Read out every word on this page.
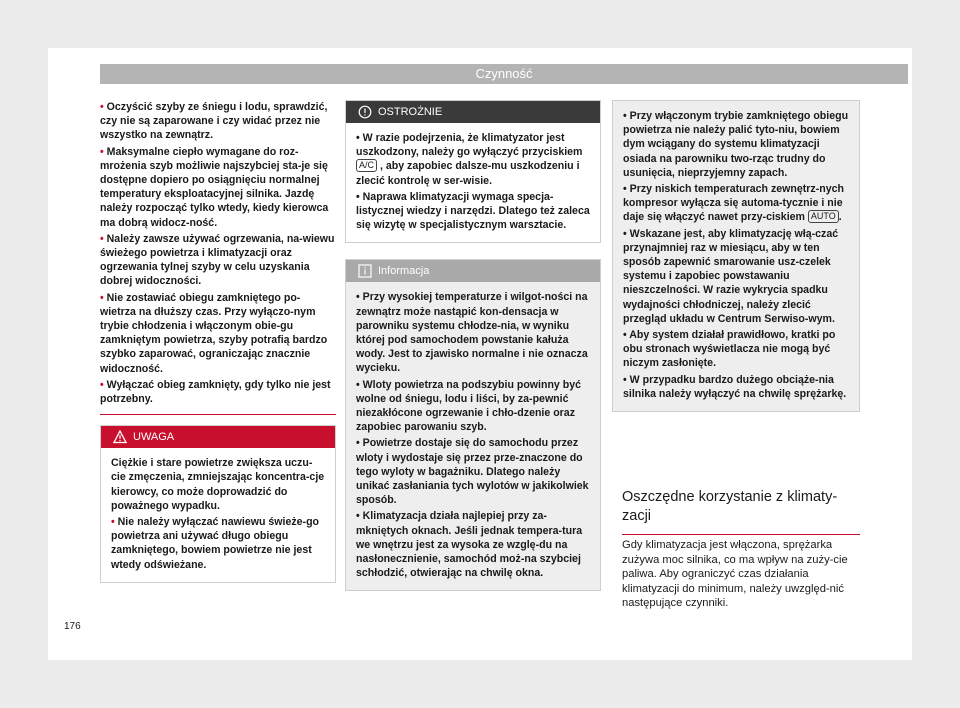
Czynność

• Oczyścić szyby ze śniegu i lodu, sprawdzić, czy nie są zaparowane i czy widać przez nie wszystko na zewnątrz.

• Maksymalne ciepło wymagane do roz-mrożenia szyb możliwie najszybciej sta-je się dostępne dopiero po osiągnięciu normalnej temperatury eksploatacyjnej silnika. Jazdę należy rozpocząć tylko wtedy, kiedy kierowca ma dobrą widocz-ność.

• Należy zawsze używać ogrzewania, na-wiewu świeżego powietrza i klimatyzacji oraz ogrzewania tylnej szyby w celu uzyskania dobrej widoczności.

• Nie zostawiać obiegu zamkniętego po-wietrza na dłuższy czas. Przy wyłączo-nym trybie chłodzenia i włączonym obie-gu zamkniętym powietrza, szyby potrafią bardzo szybko zaparować, ograniczając znacznie widoczność.

• Wyłączać obieg zamknięty, gdy tylko nie jest potrzebny.

UWAGA

Ciężkie i stare powietrze zwiększa uczu-cie zmęczenia, zmniejszając koncentra-cje kierowcy, co może doprowadzić do poważnego wypadku.

• Nie należy wyłączać nawiewu świeże-go powietrza ani używać długo obiegu zamkniętego, bowiem powietrze nie jest wtedy odświeżane.

OSTROŻNIE

• W razie podejrzenia, że klimatyzator jest uszkodzony, należy go wyłączyć przyciskiem A/C , aby zapobiec dalsze-mu uszkodzeniu i zlecić kontrolę w ser-wisie.

• Naprawa klimatyzacji wymaga specja-listycznej wiedzy i narzędzi. Dlatego też zaleca się wizytę w specjalistycznym warsztacie.

Informacja

• Przy wysokiej temperaturze i wilgot-ności na zewnątrz może nastąpić kon-densacja w parowniku systemu chłodze-nia, w wyniku której pod samochodem powstanie kałuża wody. Jest to zjawisko normalne i nie oznacza wycieku.

• Wloty powietrza na podszybiu powinny być wolne od śniegu, lodu i liści, by za-pewnić niezakłócone ogrzewanie i chło-dzenie oraz zapobiec parowaniu szyb.

• Powietrze dostaje się do samochodu przez wloty i wydostaje się przez prze-znaczone do tego wyloty w bagażniku. Dlatego należy unikać zasłaniania tych wylotów w jakikolwiek sposób.

• Klimatyzacja działa najlepiej przy za-mkniętych oknach. Jeśli jednak tempera-tura we wnętrzu jest za wysoka ze wzglę-du na nasłonecznienie, samochód moż-na szybciej schłodzić, otwierając na chwilę okna.

• Przy włączonym trybie zamkniętego obiegu powietrza nie należy palić tyto-niu, bowiem dym wciągany do systemu klimatyzacji osiada na parowniku two-rząc trudny do usunięcia, nieprzyjemny zapach.

• Przy niskich temperaturach zewnętrz-nych kompresor wyłącza się automa-tycznie i nie daje się włączyć nawet przy-ciskiem AUTO .

• Wskazane jest, aby klimatyzację włą-czać przynajmniej raz w miesiącu, aby w ten sposób zapewnić smarowanie usz-czelek systemu i zapobiec powstawaniu nieszczelności. W razie wykrycia spadku wydajności chłodniczej, należy zlecić przegląd układu w Centrum Serwiso-wym.

• Aby system działał prawidłowo, kratki po obu stronach wyświetlacza nie mogą być niczym zasłonięte.

• W przypadku bardzo dużego obciąże-nia silnika należy wyłączyć na chwilę sprężarkę.

Oszczędne korzystanie z klimaty-zacji
Gdy klimatyzacja jest włączona, sprężarka zużywa moc silnika, co ma wpływ na zuży-cie paliwa. Aby ograniczyć czas działania klimatyzacji do minimum, należy uwzględ-nić następujące czynniki.
176
